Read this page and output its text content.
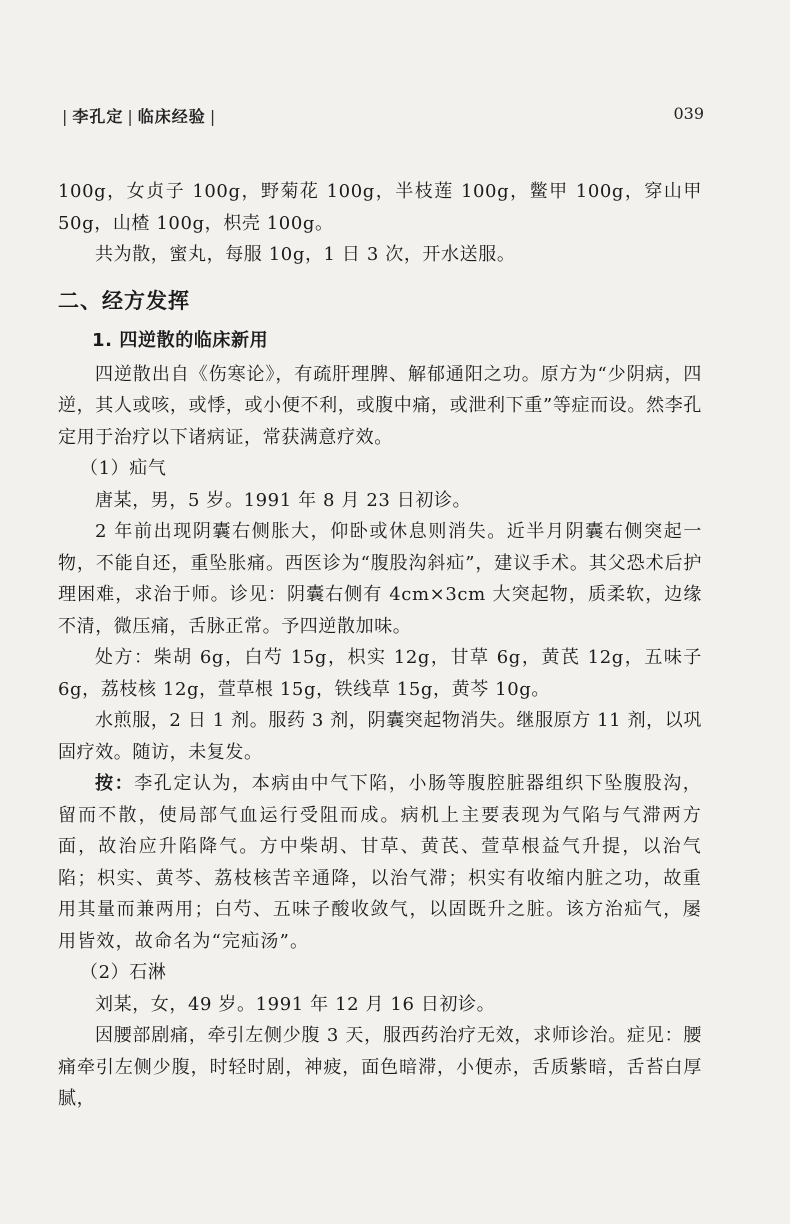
| 李孔定 | 临床经验 |	039

100g，女贞子 100g，野菊花 100g，半枝莲 100g，鳖甲 100g，穿山甲 50g，山楂 100g，枳壳 100g。

共为散，蜜丸，每服 10g，1 日 3 次，开水送服。

二、经方发挥

1. 四逆散的临床新用

四逆散出自《伤寒论》，有疏肝理脾、解郁通阳之功。原方为“少阴病，四逆，其人或咳，或悸，或小便不利，或腹中痛，或泄利下重”等症而设。然李孔定用于治疗以下诸病证，常获满意疗效。

（1）疝气

唐某，男，5 岁。1991 年 8 月 23 日初诊。

2 年前出现阴囊右侧胀大，仰卧或休息则消失。近半月阴囊右侧突起一物，不能自还，重坠胀痛。西医诊为“腹股沟斜疝”，建议手术。其父恐术后护理困难，求治于师。诊见：阴囊右侧有 4cm×3cm 大突起物，质柔软，边缘不清，微压痛，舌脉正常。予四逆散加味。

处方：柴胡 6g，白芍 15g，枳实 12g，甘草 6g，黄芪 12g，五味子 6g，荔枝核 12g，萱草根 15g，铁线草 15g，黄芩 10g。

水煎服，2 日 1 剂。服药 3 剂，阴囊突起物消失。继服原方 11 剂，以巩固疗效。随访，未复发。

按：李孔定认为，本病由中气下陷，小肠等腹腔脏器组织下坠腹股沟，留而不散，使局部气血运行受阻而成。病机上主要表现为气陷与气滞两方面，故治应升陷降气。方中柴胡、甘草、黄芪、萱草根益气升提，以治气陷；枳实、黄芩、荔枝核苦辛通降，以治气滞；枳实有收缩内脏之功，故重用其量而兼两用；白芍、五味子酸收敛气，以固既升之脏。该方治疝气，屡用皆效，故命名为“完疝汤”。

（2）石淋

刘某，女，49 岁。1991 年 12 月 16 日初诊。

因腰部剧痛，牵引左侧少腹 3 天，服西药治疗无效，求师诊治。症见：腰痛牵引左侧少腹，时轻时剧，神疲，面色暗滞，小便赤，舌质紫暗，舌苔白厚腻，
